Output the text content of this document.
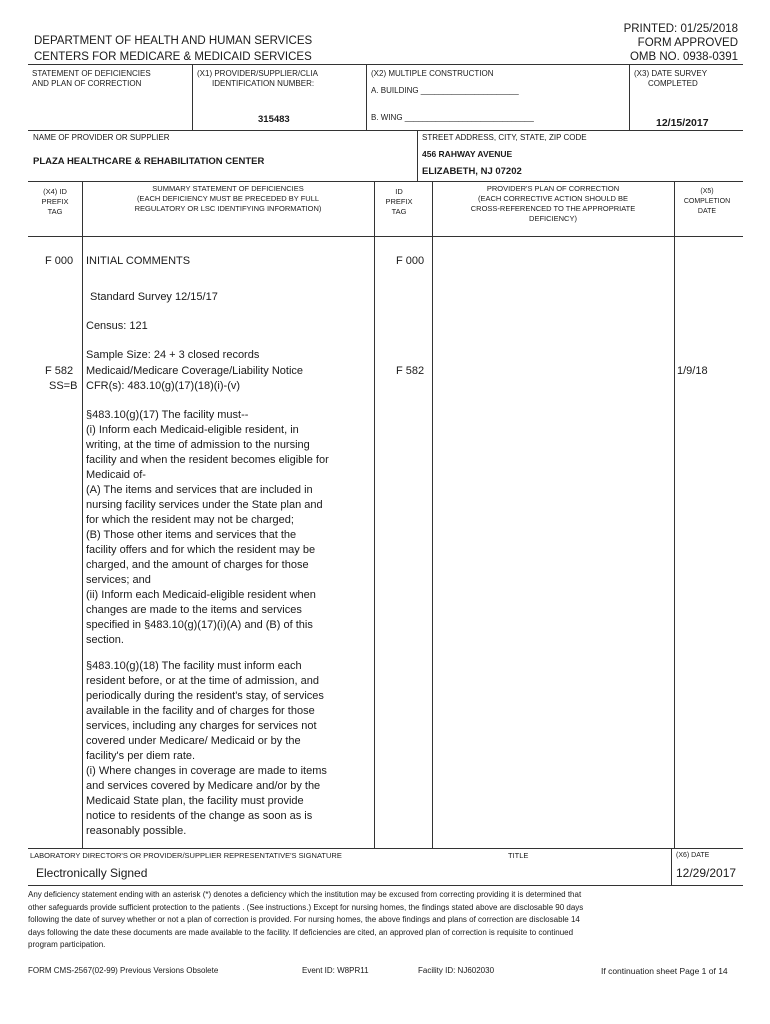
DEPARTMENT OF HEALTH AND HUMAN SERVICES
CENTERS FOR MEDICARE & MEDICAID SERVICES
PRINTED: 01/25/2018
FORM APPROVED
OMB NO. 0938-0391
STATEMENT OF DEFICIENCIES
AND PLAN OF CORRECTION
(X1) PROVIDER/SUPPLIER/CLIA
IDENTIFICATION NUMBER:
315483
(X2) MULTIPLE CONSTRUCTION
A. BUILDING ______________________
B. WING _____________________________
(X3) DATE SURVEY
COMPLETED
12/15/2017
NAME OF PROVIDER OR SUPPLIER
PLAZA HEALTHCARE & REHABILITATION CENTER
STREET ADDRESS, CITY, STATE, ZIP CODE
456 RAHWAY AVENUE
ELIZABETH, NJ 07202
(X4) ID
PREFIX
TAG
SUMMARY STATEMENT OF DEFICIENCIES
(EACH DEFICIENCY MUST BE PRECEDED BY FULL
REGULATORY OR LSC IDENTIFYING INFORMATION)
ID
PREFIX
TAG
PROVIDER'S PLAN OF CORRECTION
(EACH CORRECTIVE ACTION SHOULD BE
CROSS-REFERENCED TO THE APPROPRIATE
DEFICIENCY)
(X5)
COMPLETION
DATE
F 000 INITIAL COMMENTS	F 000
Standard Survey 12/15/17
Census: 121
Sample Size: 24 + 3 closed records
F 582
SS=B
Medicaid/Medicare Coverage/Liability Notice
CFR(s): 483.10(g)(17)(18)(i)-(v)
F 582	1/9/18
§483.10(g)(17) The facility must--
(i) Inform each Medicaid-eligible resident, in
writing, at the time of admission to the nursing
facility and when the resident becomes eligible for
Medicaid of-
(A) The items and services that are included in
nursing facility services under the State plan and
for which the resident may not be charged;
(B) Those other items and services that the
facility offers and for which the resident may be
charged, and the amount of charges for those
services; and
(ii) Inform each Medicaid-eligible resident when
changes are made to the items and services
specified in §483.10(g)(17)(i)(A) and (B) of this
section.
§483.10(g)(18) The facility must inform each
resident before, or at the time of admission, and
periodically during the resident's stay, of services
available in the facility and of charges for those
services, including any charges for services not
covered under Medicare/ Medicaid or by the
facility's per diem rate.
(i) Where changes in coverage are made to items
and services covered by Medicare and/or by the
Medicaid State plan, the facility must provide
notice to residents of the change as soon as is
reasonably possible.
LABORATORY DIRECTOR'S OR PROVIDER/SUPPLIER REPRESENTATIVE'S SIGNATURE	TITLE	(X6) DATE
Electronically Signed	12/29/2017
Any deficiency statement ending with an asterisk (*) denotes a deficiency which the institution may be excused from correcting providing it is determined that
other safeguards provide sufficient protection to the patients . (See instructions.) Except for nursing homes, the findings stated above are disclosable 90 days
following the date of survey whether or not a plan of correction is provided. For nursing homes, the above findings and plans of correction are disclosable 14
days following the date these documents are made available to the facility. If deficiencies are cited, an approved plan of correction is requisite to continued
program participation.
FORM CMS-2567(02-99) Previous Versions Obsolete	Event ID: W8PR11	Facility ID: NJ602030	If continuation sheet Page 1 of 14
